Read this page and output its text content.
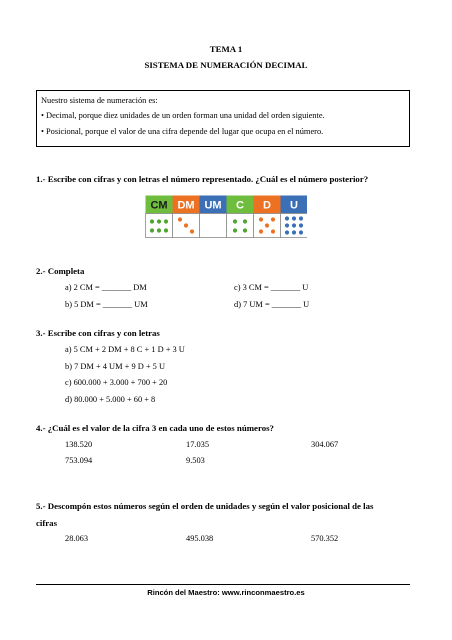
TEMA 1
SISTEMA DE NUMERACIÓN DECIMAL
Nuestro sistema de numeración es:
• Decimal, porque diez unidades de un orden forman una unidad del orden siguiente.
• Posicional, porque el valor de una cifra depende del lugar que ocupa en el número.
1.- Escribe con cifras y con letras el número representado. ¿Cuál es el número posterior?
CM DM UM C D U
2.- Completa
a) 2 CM = _______ DM
b) 5 DM = _______ UM
c) 3 CM = _______ U
d) 7 UM = _______ U
3.- Escribe con cifras y con letras
a) 5 CM + 2 DM + 8 C + 1 D + 3 U
b) 7 DM + 4 UM + 9 D + 5 U
c) 600.000 + 3.000 + 700 + 20
d) 80.000 + 5.000 + 60 + 8
4.- ¿Cuál es el valor de la cifra 3 en cada uno de estos números?
138.520	17.035	304.067
753.094	9.503
5.- Descompón estos números según el orden de unidades y según el valor posicional de las
cifras
28.063	495.038	570.352
Rincón del Maestro: www.rinconmaestro.es
